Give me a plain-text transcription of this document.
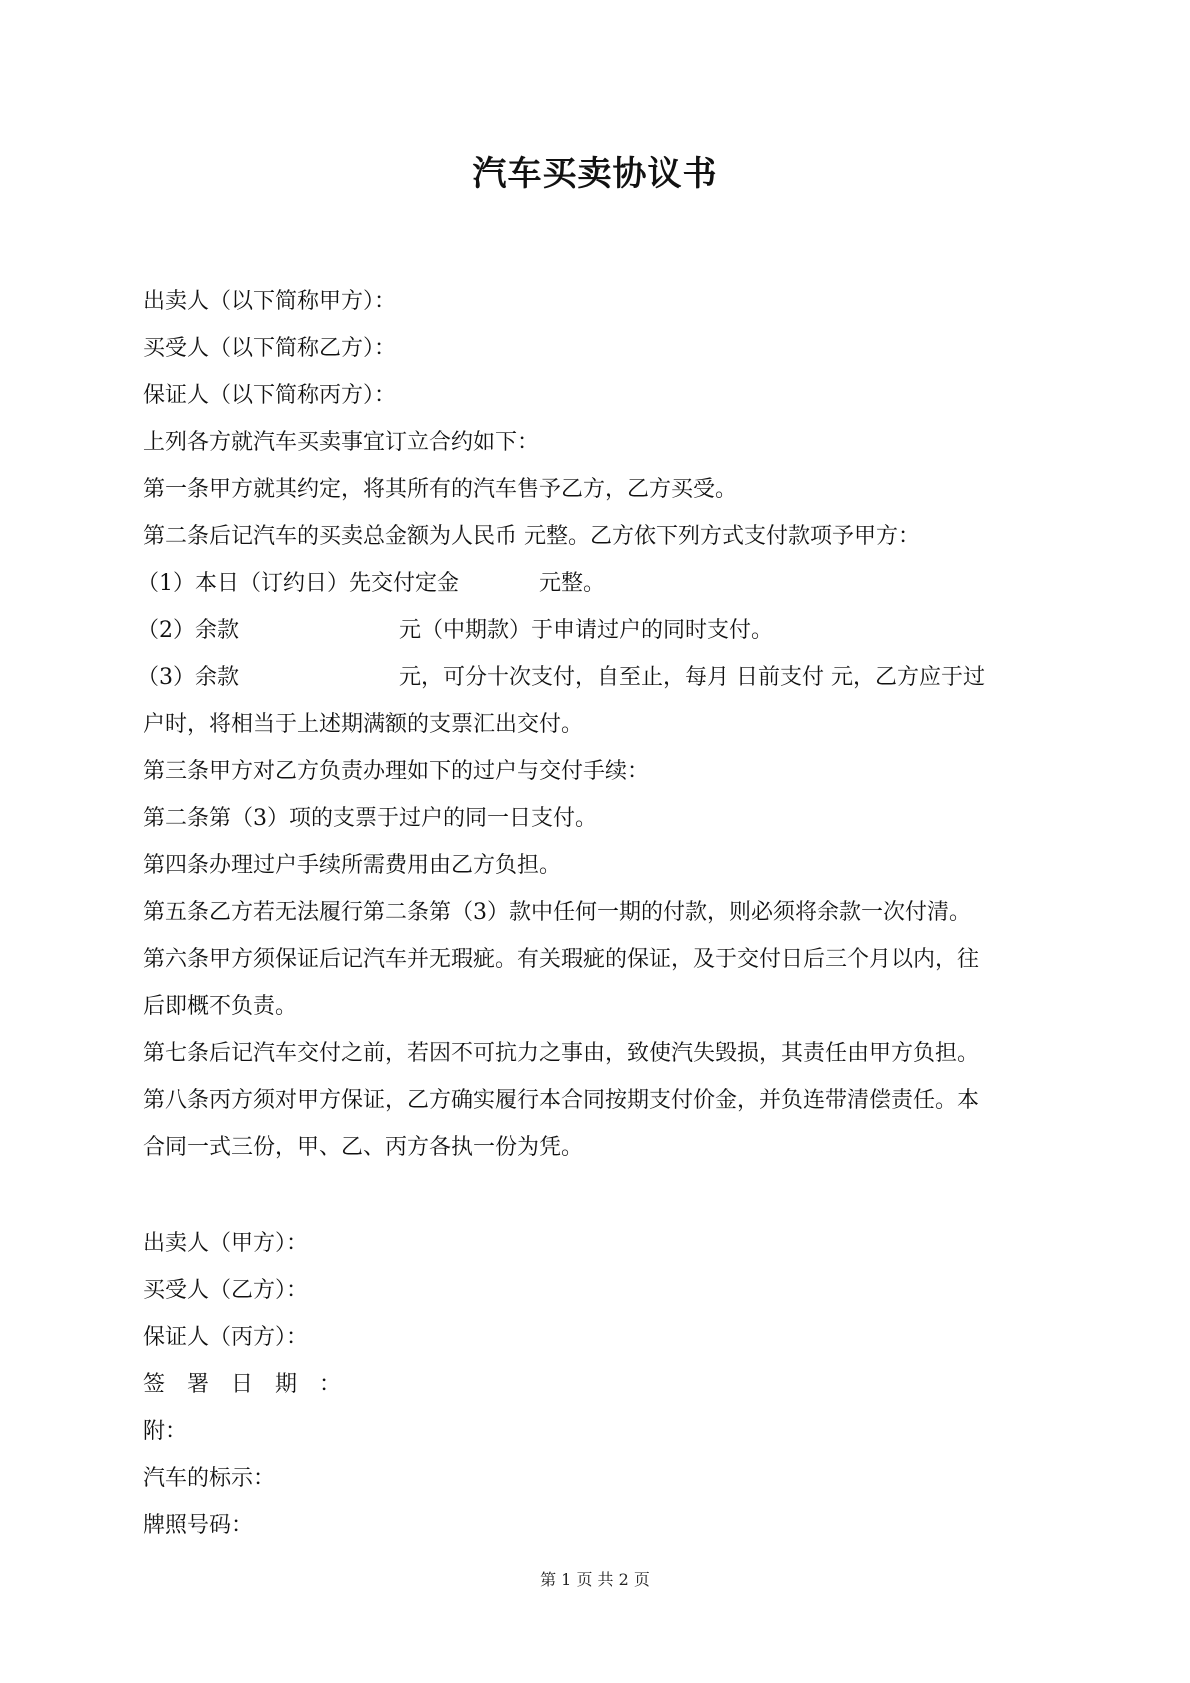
汽车买卖协议书
出卖人（以下简称甲方）：
买受人（以下简称乙方）：
保证人（以下简称丙方）：
上列各方就汽车买卖事宜订立合约如下：
第一条甲方就其约定，将其所有的汽车售予乙方，乙方买受。
第二条后记汽车的买卖总金额为人民币 元整。乙方依下列方式支付款项予甲方：
（1）本日（订约日）先交付定金	元整。
（2）余款	元（中期款）于申请过户的同时支付。
（3）余款	元，可分十次支付，自至止，每月 日前支付 元，乙方应于过
户时，将相当于上述期满额的支票汇出交付。
第三条甲方对乙方负责办理如下的过户与交付手续：
第二条第（3）项的支票于过户的同一日支付。
第四条办理过户手续所需费用由乙方负担。
第五条乙方若无法履行第二条第（3）款中任何一期的付款，则必须将余款一次付清。
第六条甲方须保证后记汽车并无瑕疵。有关瑕疵的保证，及于交付日后三个月以内，往
后即概不负责。
第七条后记汽车交付之前，若因不可抗力之事由，致使汽失毁损，其责任由甲方负担。
第八条丙方须对甲方保证，乙方确实履行本合同按期支付价金，并负连带清偿责任。本
合同一式三份，甲、乙、丙方各执一份为凭。
出卖人（甲方）：
买受人（乙方）：
保证人（丙方）：
签署日期：
附：
汽车的标示：
牌照号码：
第 1 页 共 2 页
